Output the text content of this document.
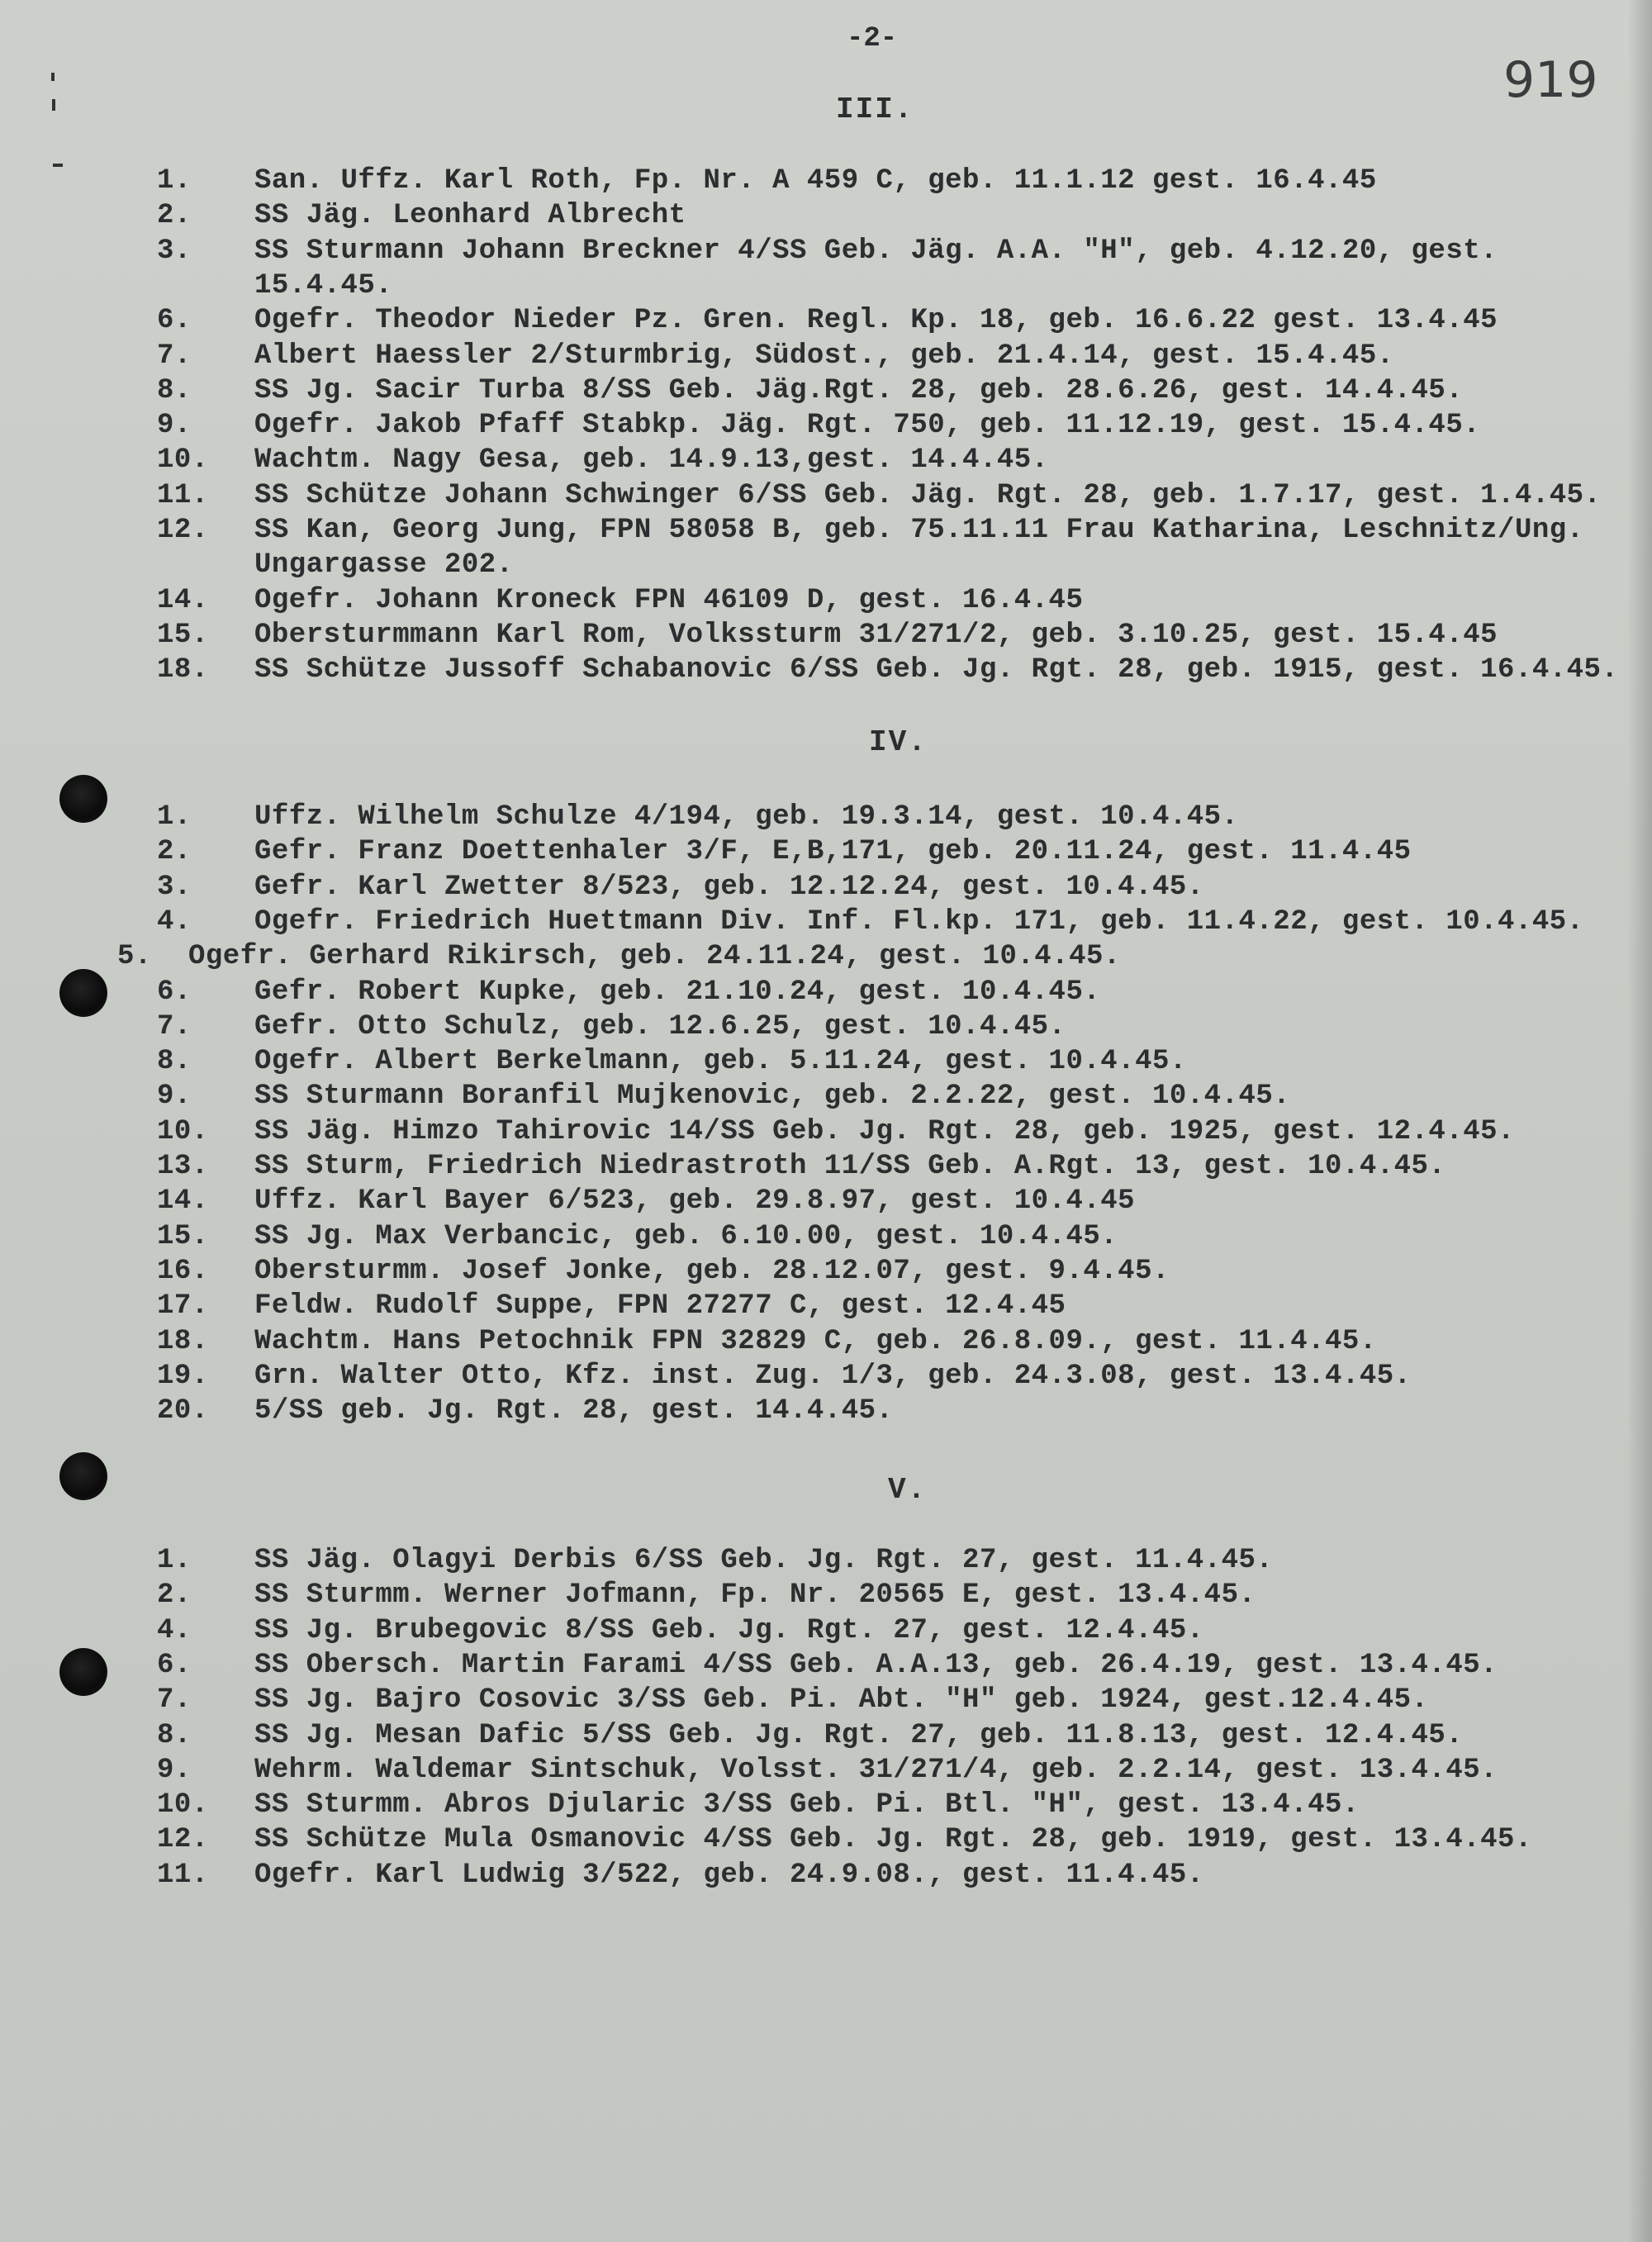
-2-
919
III.
1.	San. Uffz. Karl Roth, Fp. Nr. A 459 C, geb. 11.1.12 gest. 16.4.45
2.	SS Jäg. Leonhard Albrecht
3.	SS Sturmann Johann Breckner 4/SS Geb. Jäg. A.A. "H", geb. 4.12.20, gest.
15.4.45.
6.	Ogefr. Theodor Nieder Pz. Gren. Regl. Kp. 18, geb. 16.6.22 gest. 13.4.45
7.	Albert Haessler 2/Sturmbrig, Südost., geb. 21.4.14, gest. 15.4.45.
8.	SS Jg. Sacir Turba 8/SS Geb. Jäg.Rgt. 28, geb. 28.6.26, gest. 14.4.45.
9.	Ogefr. Jakob Pfaff Stabkp. Jäg. Rgt. 750, geb. 11.12.19, gest. 15.4.45.
10.	Wachtm. Nagy Gesa, geb. 14.9.13,gest. 14.4.45.
11.	SS Schütze Johann Schwinger 6/SS Geb. Jäg. Rgt. 28, geb. 1.7.17, gest. 1.4.45.
12.	SS Kan, Georg Jung, FPN 58058 B, geb. 75.11.11 Frau Katharina, Leschnitz/Ung.
Ungargasse 202.
14.	Ogefr. Johann Kroneck FPN 46109 D, gest. 16.4.45
15.	Obersturmmann Karl Rom, Volkssturm 31/271/2, geb. 3.10.25, gest. 15.4.45
18.	SS Schütze Jussoff Schabanovic 6/SS Geb. Jg. Rgt. 28, geb. 1915, gest. 16.4.45.
IV.
1.	Uffz. Wilhelm Schulze 4/194, geb. 19.3.14, gest. 10.4.45.
2.	Gefr. Franz Doettenhaler 3/F, E,B,171, geb. 20.11.24, gest. 11.4.45
3.	Gefr. Karl Zwetter 8/523, geb. 12.12.24, gest. 10.4.45.
4.	Ogefr. Friedrich Huettmann Div. Inf. Fl.kp. 171, geb. 11.4.22, gest. 10.4.45.
5.	Ogefr. Gerhard Rikirsch, geb. 24.11.24, gest. 10.4.45.
6.	Gefr. Robert Kupke, geb. 21.10.24, gest. 10.4.45.
7.	Gefr. Otto Schulz, geb. 12.6.25, gest. 10.4.45.
8.	Ogefr. Albert Berkelmann, geb. 5.11.24, gest. 10.4.45.
9.	SS Sturmann Boranfil Mujkenovic, geb. 2.2.22, gest. 10.4.45.
10.	SS Jäg. Himzo Tahirovic 14/SS Geb. Jg. Rgt. 28, geb. 1925, gest. 12.4.45.
13.	SS Sturm, Friedrich Niedrastroth 11/SS Geb. A.Rgt. 13, gest. 10.4.45.
14.	Uffz. Karl Bayer 6/523, geb. 29.8.97, gest. 10.4.45
15.	SS Jg. Max Verbancic, geb. 6.10.00, gest. 10.4.45.
16.	Obersturmm. Josef Jonke, geb. 28.12.07, gest. 9.4.45.
17.	Feldw. Rudolf Suppe, FPN 27277 C, gest. 12.4.45
18.	Wachtm. Hans Petochnik FPN 32829 C, geb. 26.8.09., gest. 11.4.45.
19.	Grn. Walter Otto, Kfz. inst. Zug. 1/3, geb. 24.3.08, gest. 13.4.45.
20.	5/SS geb. Jg. Rgt. 28, gest. 14.4.45.
V.
1.	SS Jäg. Olagyi Derbis 6/SS Geb. Jg. Rgt. 27, gest. 11.4.45.
2.	SS Sturmm. Werner Jofmann, Fp. Nr. 20565 E, gest. 13.4.45.
4.	SS Jg. Brubegovic 8/SS Geb. Jg. Rgt. 27, gest. 12.4.45.
6.	SS Obersch. Martin Farami 4/SS Geb. A.A.13, geb. 26.4.19, gest. 13.4.45.
7.	SS Jg. Bajro Cosovic 3/SS Geb. Pi. Abt. "H" geb. 1924, gest.12.4.45.
8.	SS Jg. Mesan Dafic 5/SS Geb. Jg. Rgt. 27, geb. 11.8.13, gest. 12.4.45.
9.	Wehrm. Waldemar Sintschuk, Volsst. 31/271/4, geb. 2.2.14, gest. 13.4.45.
10.	SS Sturmm. Abros Djularic 3/SS Geb. Pi. Btl. "H", gest. 13.4.45.
12.	SS Schütze Mula Osmanovic 4/SS Geb. Jg. Rgt. 28, geb. 1919, gest. 13.4.45.
11.	Ogefr. Karl Ludwig 3/522, geb. 24.9.08., gest. 11.4.45.
